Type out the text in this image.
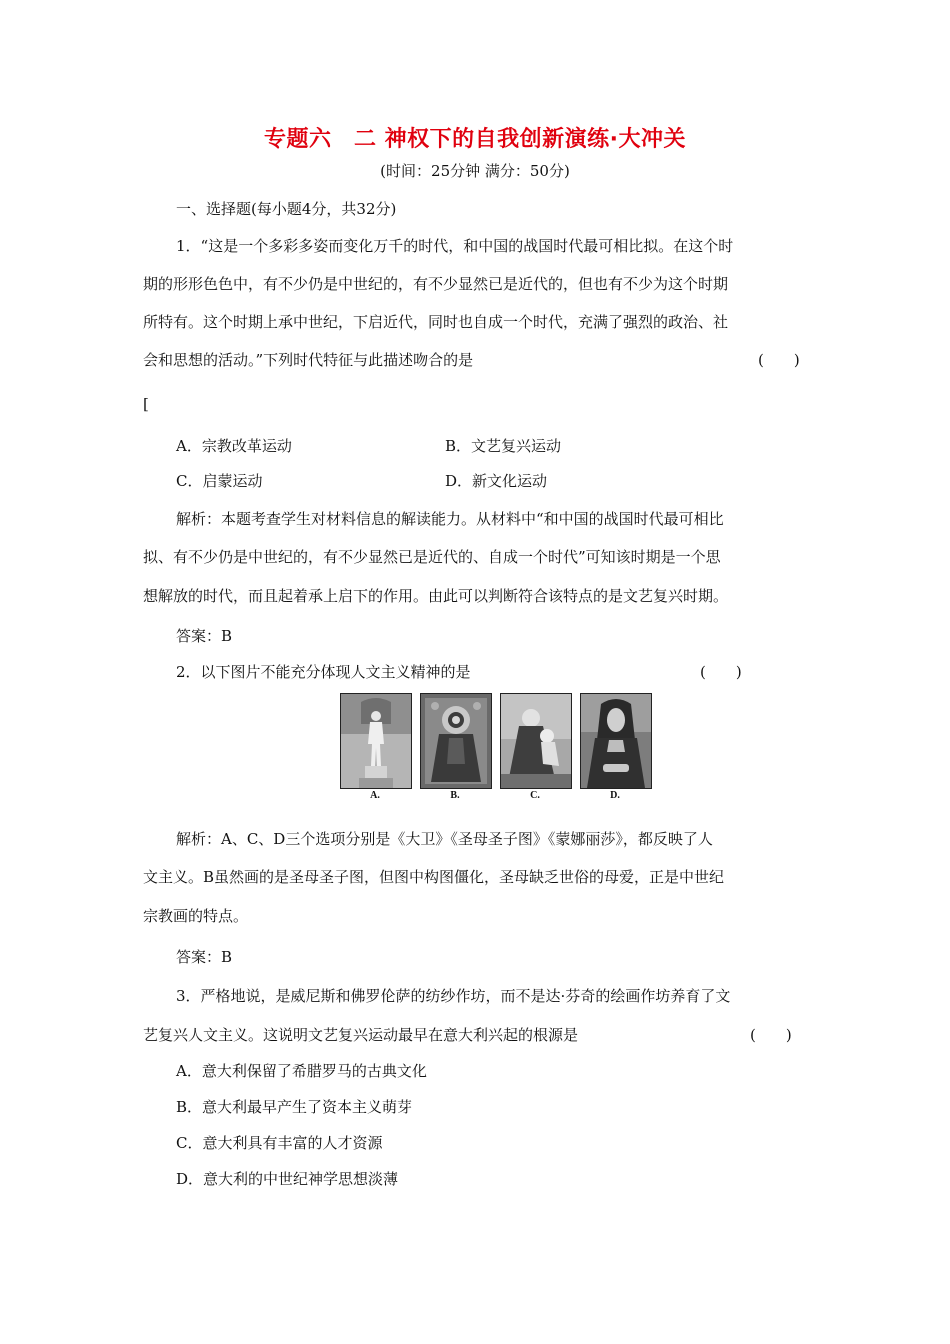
专题六　二 神权下的自我创新演练·大冲关
(时间：25分钟 满分：50分)
一、选择题(每小题4分，共32分)
1．“这是一个多彩多姿而变化万千的时代，和中国的战国时代最可相比拟。在这个时
期的形形色色中，有不少仍是中世纪的，有不少显然已是近代的，但也有不少为这个时期
所特有。这个时期上承中世纪，下启近代，同时也自成一个时代，充满了强烈的政治、社
会和思想的活动。”下列时代特征与此描述吻合的是	(　　)
[
A．宗教改革运动	B．文艺复兴运动
C．启蒙运动	D．新文化运动
解析：本题考查学生对材料信息的解读能力。从材料中“和中国的战国时代最可相比
拟、有不少仍是中世纪的，有不少显然已是近代的、自成一个时代”可知该时期是一个思
想解放的时代，而且起着承上启下的作用。由此可以判断符合该特点的是文艺复兴时期。
答案：B
2．以下图片不能充分体现人文主义精神的是	(　　)
A.	B.	C.	D.
解析：A、C、D三个选项分别是《大卫》《圣母圣子图》《蒙娜丽莎》，都反映了人
文主义。B虽然画的是圣母圣子图，但图中构图僵化，圣母缺乏世俗的母爱，正是中世纪
宗教画的特点。
答案：B
3．严格地说，是威尼斯和佛罗伦萨的纺纱作坊，而不是达·芬奇的绘画作坊养育了文
艺复兴人文主义。这说明文艺复兴运动最早在意大利兴起的根源是	(　　)
A．意大利保留了希腊罗马的古典文化
B．意大利最早产生了资本主义萌芽
C．意大利具有丰富的人才资源
D．意大利的中世纪神学思想淡薄
